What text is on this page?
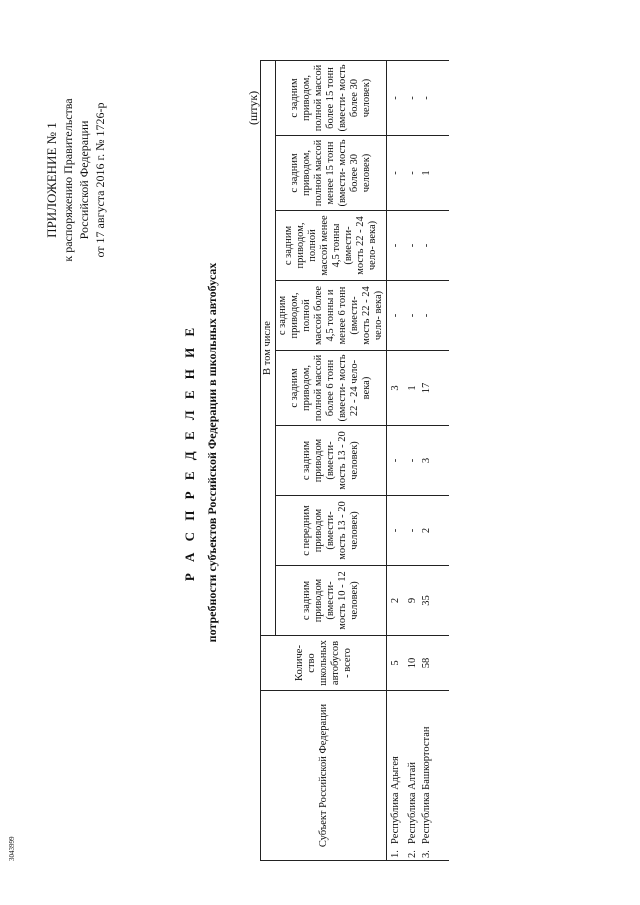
3043999
ПРИЛОЖЕНИЕ № 1 к распоряжению Правительства Российской Федерации от 17 августа 2016 г. № 1726-р
Р А С П Р Е Д Е Л Е Н И Е потребности субъектов Российской Федерации в школьных автобусах
(штук)
Субъект Российской Федерации	Количе- ство школьных автобусов - всего	В том числе							
		с задним приводом (вмести- мость 10 - 12 человек)	с передним приводом (вмести- мость 13 - 20 человек)	с задним приводом (вмести- мость 13 - 20 человек)	с задним приводом, полной массой более 6 тонн (вмести- мость 22 - 24 чело- века)	с задним приводом, полной массой более 4,5 тонны и менее 6 тонн (вмести- мость 22 - 24 чело- века)	с задним приводом, полной массой менее 4,5 тонны (вмести- мость 22 - 24 чело- века)	с задним приводом, полной массой менее 15 тонн (вмести- мость более 30 человек)	с задним приводом, полной массой более 15 тонн (вмести- мость более 30 человек)
1.Республика Адыгея	5	2	-	-	3	-	-	-	-
2.Республика Алтай	10	9	-	-	1	-	-	-	-
3.Республика Башкортостан	58	35	2	3	17	-	-	1	-
